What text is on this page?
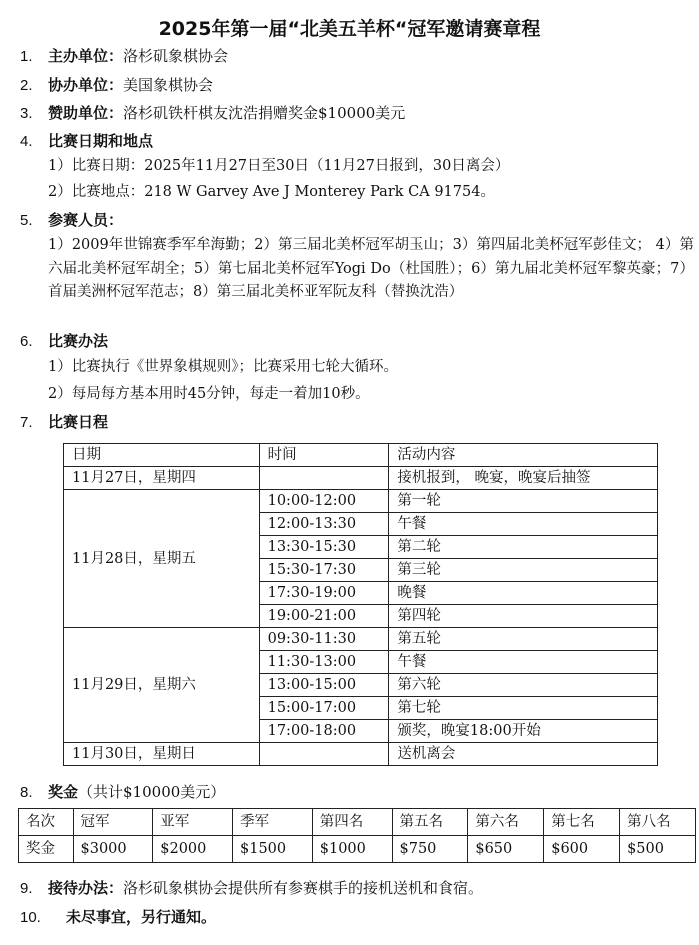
2025年第一届“北美五羊杯“冠军邀请赛章程
1. 主办单位：洛杉矶象棋协会
2. 协办单位：美国象棋协会
3. 赞助单位：洛杉矶铁杆棋友沈浩捐赠奖金$10000美元
4. 比赛日期和地点
1）比赛日期：2025年11月27日至30日（11月27日报到，30日离会）
2）比赛地点：218 W Garvey Ave J Monterey Park CA 91754。
5. 参赛人员：
1）2009年世锦赛季军牟海勤；2）第三届北美杯冠军胡玉山；3）第四届北美杯冠军彭佳文； 4）第六届北美杯冠军胡全；5）第七届北美杯冠军Yogi Do（杜国胜）；6）第九届北美杯冠军黎英豪；7）首届美洲杯冠军范志；8）第三届北美杯亚军阮友科（替换沈浩）
6. 比赛办法
1）比赛执行《世界象棋规则》；比赛采用七轮大循环。
2）每局每方基本用时45分钟，每走一着加10秒。
7. 比赛日程
日期	时间	活动内容
11月27日，星期四		接机报到， 晚宴，晚宴后抽签
11月28日，星期五	10:00-12:00	第一轮
	12:00-13:30	午餐
	13:30-15:30	第二轮
	15:30-17:30	第三轮
	17:30-19:00	晚餐
	19:00-21:00	第四轮
11月29日，星期六	09:30-11:30	第五轮
	11:30-13:00	午餐
	13:00-15:00	第六轮
	15:00-17:00	第七轮
	17:00-18:00	颁奖，晚宴18:00开始
11月30日，星期日		送机离会
8. 奖金（共计$10000美元）
名次	冠军	亚军	季军	第四名	第五名	第六名	第七名	第八名
奖金	$3000	$2000	$1500	$1000	$750	$650	$600	$500
9. 接待办法：洛杉矶象棋协会提供所有参赛棋手的接机送机和食宿。
10. 未尽事宜，另行通知。
